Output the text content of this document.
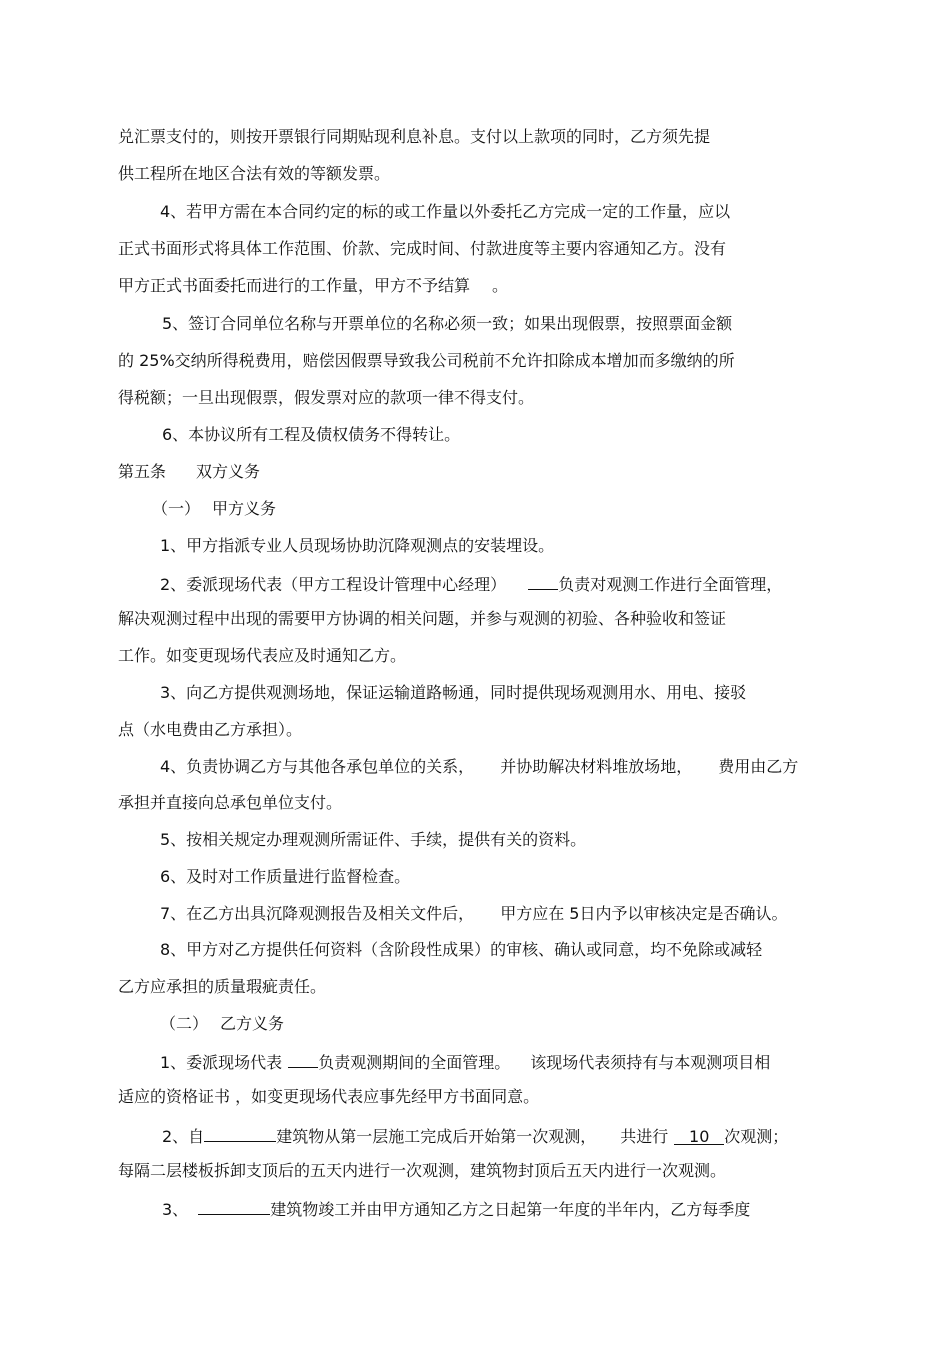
兑汇票支付的，则按开票银行同期贴现利息补息。支付以上款项的同时，乙方须先提
供工程所在地区合法有效的等额发票。
4、若甲方需在本合同约定的标的或工作量以外委托乙方完成一定的工作量，应以
正式书面形式将具体工作范围、价款、完成时间、付款进度等主要内容通知乙方。没有
甲方正式书面委托而进行的工作量，甲方不予结算 。
5、签订合同单位名称与开票单位的名称必须一致；如果出现假票，按照票面金额
的 25%交纳所得税费用，赔偿因假票导致我公司税前不允许扣除成本增加而多缴纳的所
得税额；一旦出现假票，假发票对应的款项一律不得支付。
6、本协议所有工程及债权债务不得转让。
第五条 双方义务
（一） 甲方义务
1、甲方指派专业人员现场协助沉降观测点的安装埋设。
2、委派现场代表（甲方工程设计管理中心经理）	负责对观测工作进行全面管理，
解决观测过程中出现的需要甲方协调的相关问题，并参与观测的初验、各种验收和签证
工作。如变更现场代表应及时通知乙方。
3、向乙方提供观测场地，保证运输道路畅通，同时提供现场观测用水、用电、接驳
点（水电费由乙方承担）。
4、负责协调乙方与其他各承包单位的关系， 并协助解决材料堆放场地， 费用由乙方
承担并直接向总承包单位支付。
5、按相关规定办理观测所需证件、手续，提供有关的资料。
6、及时对工作质量进行监督检查。
7、在乙方出具沉降观测报告及相关文件后， 甲方应在 5日内予以审核决定是否确认。
8、甲方对乙方提供任何资料（含阶段性成果）的审核、确认或同意，均不免除或减轻
乙方应承担的质量瑕疵责任。
（二） 乙方义务
1、委派现场代表 负责观测期间的全面管理。 该现场代表须持有与本观测项目相
适应的资格证书 ，如变更现场代表应事先经甲方书面同意。
2、自	建筑物从第一层施工完成后开始第一次观测， 共进行 10 次观测；
每隔二层楼板拆卸支顶后的五天内进行一次观测，建筑物封顶后五天内进行一次观测。
3、	建筑物竣工并由甲方通知乙方之日起第一年度的半年内，乙方每季度
